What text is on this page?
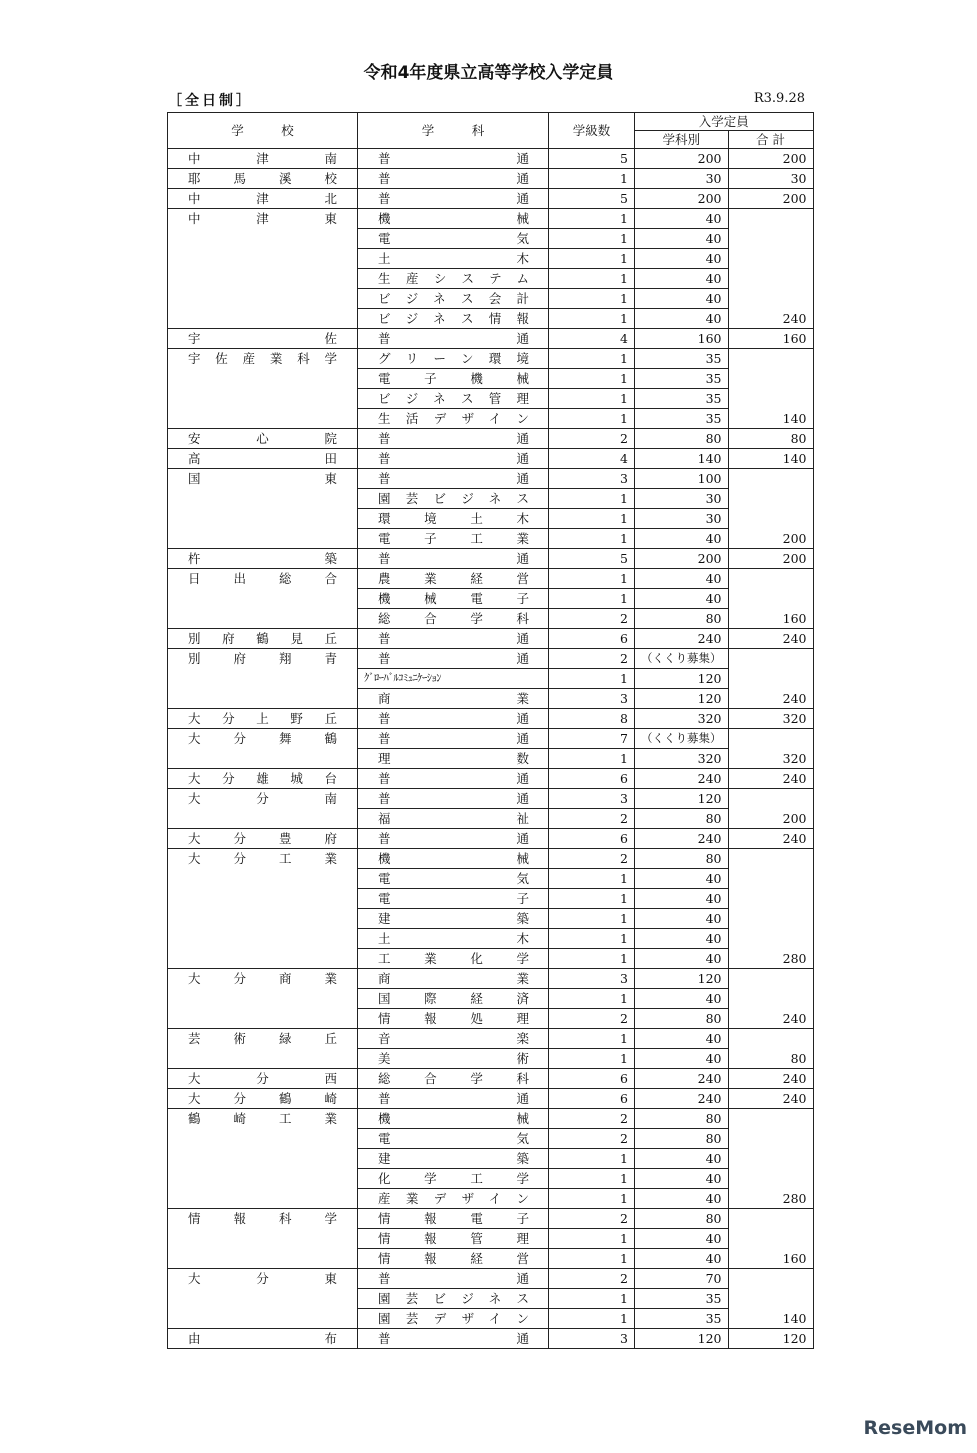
令和4年度県立高等学校入学定員
［全日制］	R3.9.28
学　　　校	学　　　科	学級数	入学定員	
			学科別	合 計
中津南	普通	5	200	200
耶馬溪校	普通	1	30	30
中津北	普通	5	200	200
中津東	機械	1	40	240
	電気	1	40	
	土木	1	40	
	生産システム	1	40	
	ビジネス会計	1	40	
	ビジネス情報	1	40	
宇佐	普通	4	160	160
宇佐産業科学	グリーン環境	1	35	140
	電子機械	1	35	
	ビジネス管理	1	35	
	生活デザイン	1	35	
安心院	普通	2	80	80
高田	普通	4	140	140
国東	普通	3	100	200
	園芸ビジネス	1	30	
	環境土木	1	30	
	電子工業	1	40	
杵築	普通	5	200	200
日出総合	農業経営	1	40	160
	機械電子	1	40	
	総合学科	2	80	
別府鶴見丘	普通	6	240	240
別府翔青	普通	2	（くくり募集）	240
	ｸﾞﾛｰﾊﾞﾙｺﾐｭﾆｹｰｼｮﾝ	1	120	
	商業	3	120	
大分上野丘	普通	8	320	320
大分舞鶴	普通	7	（くくり募集）	320
	理数	1	320	
大分雄城台	普通	6	240	240
大分南	普通	3	120	200
	福祉	2	80	
大分豊府	普通	6	240	240
大分工業	機械	2	80	280
	電気	1	40	
	電子	1	40	
	建築	1	40	
	土木	1	40	
	工業化学	1	40	
大分商業	商業	3	120	240
	国際経済	1	40	
	情報処理	2	80	
芸術緑丘	音楽	1	40	80
	美術	1	40	
大分西	総合学科	6	240	240
大分鶴崎	普通	6	240	240
鶴崎工業	機械	2	80	280
	電気	2	80	
	建築	1	40	
	化学工学	1	40	
	産業デザイン	1	40	
情報科学	情報電子	2	80	160
	情報管理	1	40	
	情報経営	1	40	
大分東	普通	2	70	140
	園芸ビジネス	1	35	
	園芸デザイン	1	35	
由布	普通	3	120	120
ReseMom
